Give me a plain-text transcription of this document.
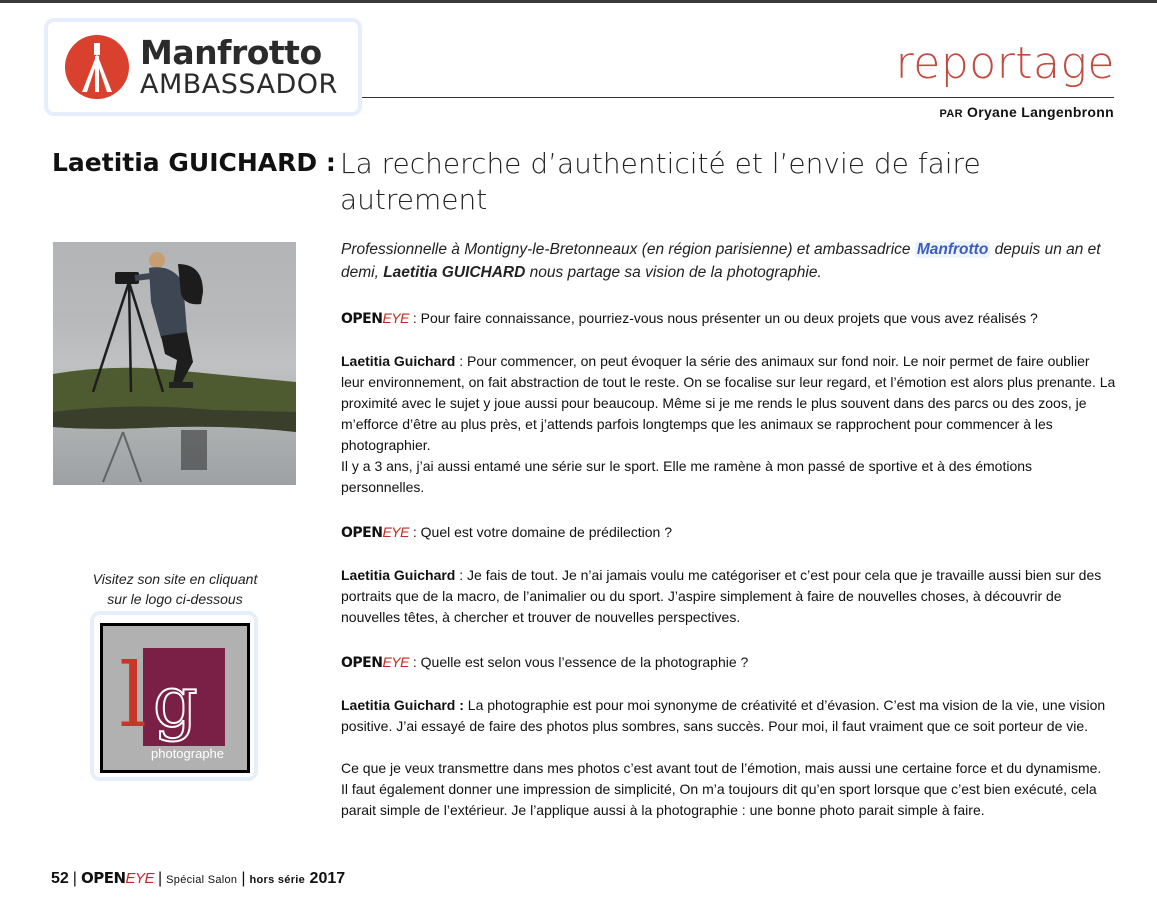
Manfrotto
AMBASSADOR	reportage
PAR Oryane Langenbronn
Laetitia GUICHARD : La recherche d’authenticité et l’envie de faire autrement
Visitez son site en cliquant
sur le logo ci-dessous
l g
photographe

Professionnelle à Montigny-le-Bretonneaux (en région parisienne) et ambassadrice Manfrotto depuis un an et demi, Laetitia GUICHARD nous partage sa vision de la photographie.

OPENEYE : Pour faire connaissance, pourriez-vous nous présenter un ou deux projets que vous avez réalisés ?

Laetitia Guichard : Pour commencer, on peut évoquer la série des animaux sur fond noir. Le noir permet de faire oublier leur environnement, on fait abstraction de tout le reste. On se focalise sur leur regard, et l’émotion est alors plus prenante. La proximité avec le sujet y joue aussi pour beaucoup. Même si je me rends le plus souvent dans des parcs ou des zoos, je m’efforce d’être au plus près, et j’attends parfois longtemps que les animaux se rapprochent pour commencer à les photographier.

Il y a 3 ans, j’ai aussi entamé une série sur le sport. Elle me ramène à mon passé de sportive et à des émotions personnelles.

OPENEYE : Quel est votre domaine de prédilection ?

Laetitia Guichard : Je fais de tout. Je n’ai jamais voulu me catégoriser et c’est pour cela que je travaille aussi bien sur des portraits que de la macro, de l’animalier ou du sport. J’aspire simplement à faire de nouvelles choses, à découvrir de nouvelles têtes, à chercher et trouver de nouvelles perspectives.

OPENEYE : Quelle est selon vous l’essence de la photographie ?

Laetitia Guichard : La photographie est pour moi synonyme de créativité et d’évasion. C’est ma vision de la vie, une vision positive. J’ai essayé de faire des photos plus sombres, sans succès. Pour moi, il faut vraiment que ce soit porteur de vie.

Ce que je veux transmettre dans mes photos c’est avant tout de l’émotion, mais aussi une certaine force et du dynamisme.

Il faut également donner une impression de simplicité, On m’a toujours dit qu’en sport lorsque que c’est bien exécuté, cela parait simple de l’extérieur. Je l’applique aussi à la photographie : une bonne photo parait simple à faire.

52 | OPENEYE | Spécial Salon | hors série 2017
